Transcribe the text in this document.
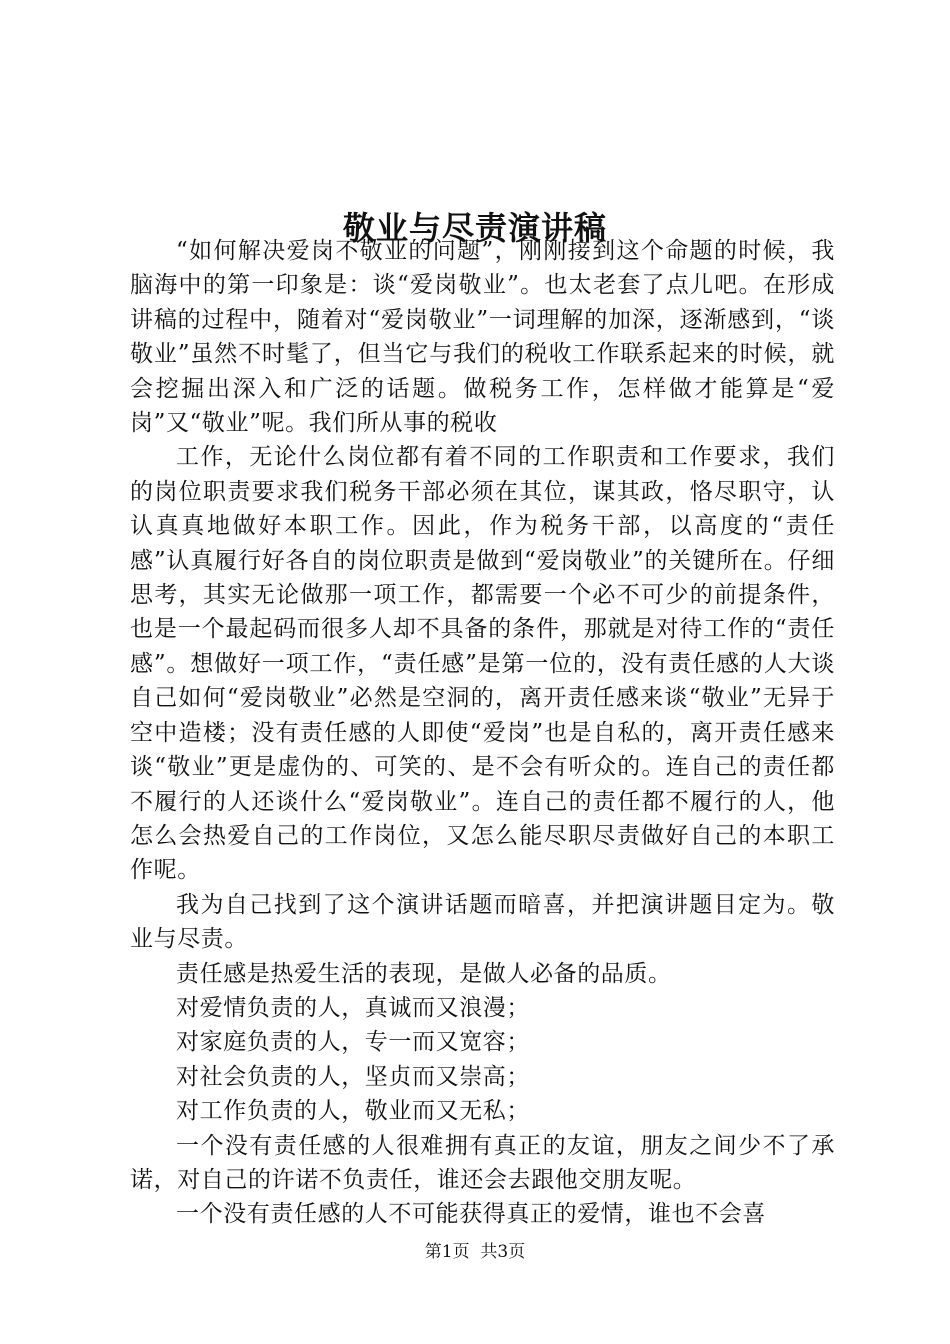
敬业与尽责演讲稿

“如何解决爱岗不敬业的问题”，刚刚接到这个命题的时候，我脑海中的第一印象是：谈“爱岗敬业”。也太老套了点儿吧。在形成讲稿的过程中，随着对“爱岗敬业”一词理解的加深，逐渐感到，“谈敬业”虽然不时髦了，但当它与我们的税收工作联系起来的时候，就会挖掘出深入和广泛的话题。做税务工作，怎样做才能算是“爱岗”又“敬业”呢。我们所从事的税收

工作，无论什么岗位都有着不同的工作职责和工作要求，我们的岗位职责要求我们税务干部必须在其位，谋其政，恪尽职守，认认真真地做好本职工作。因此，作为税务干部，以高度的“责任感”认真履行好各自的岗位职责是做到“爱岗敬业”的关键所在。仔细思考，其实无论做那一项工作，都需要一个必不可少的前提条件，也是一个最起码而很多人却不具备的条件，那就是对待工作的“责任感”。想做好一项工作，“责任感”是第一位的，没有责任感的人大谈自己如何“爱岗敬业”必然是空洞的，离开责任感来谈“敬业”无异于空中造楼；没有责任感的人即使“爱岗”也是自私的，离开责任感来谈“敬业”更是虚伪的、可笑的、是不会有听众的。连自己的责任都不履行的人还谈什么“爱岗敬业”。连自己的责任都不履行的人，他怎么会热爱自己的工作岗位，又怎么能尽职尽责做好自己的本职工作呢。

我为自己找到了这个演讲话题而暗喜，并把演讲题目定为。敬业与尽责。

责任感是热爱生活的表现，是做人必备的品质。

对爱情负责的人，真诚而又浪漫；

对家庭负责的人，专一而又宽容；

对社会负责的人，坚贞而又崇高；

对工作负责的人，敬业而又无私；

一个没有责任感的人很难拥有真正的友谊，朋友之间少不了承诺，对自己的许诺不负责任，谁还会去跟他交朋友呢。

一个没有责任感的人不可能获得真正的爱情，谁也不会喜

第1页 共3页
